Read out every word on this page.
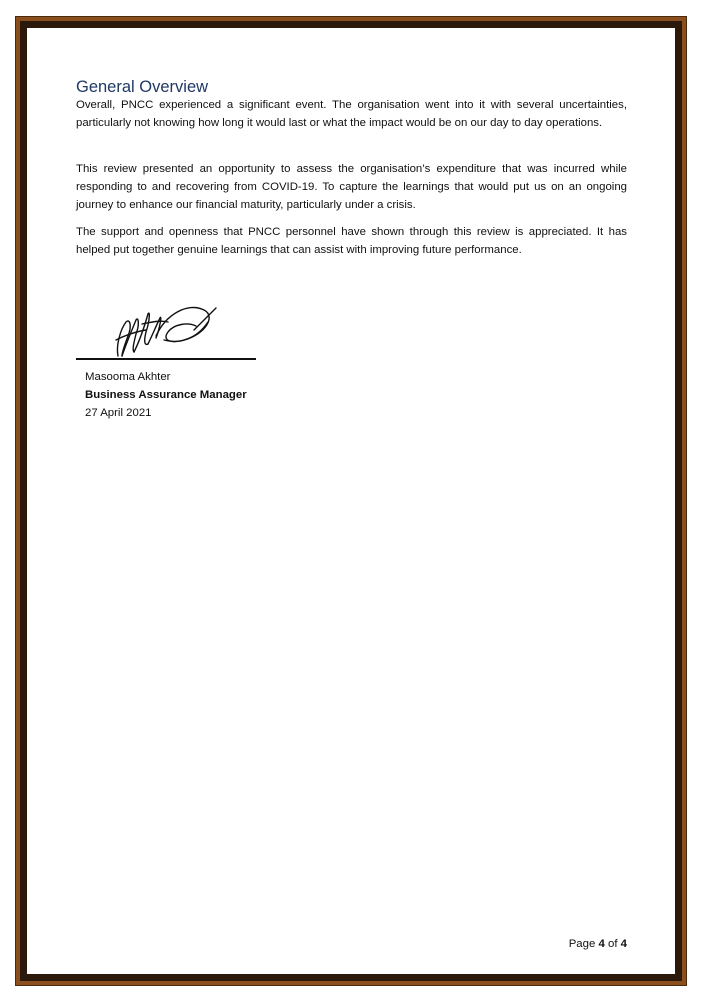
General Overview

Overall, PNCC experienced a significant event. The organisation went into it with several uncertainties, particularly not knowing how long it would last or what the impact would be on our day to day operations.

This review presented an opportunity to assess the organisation’s expenditure that was incurred while responding to and recovering from COVID-19. To capture the learnings that would put us on an ongoing journey to enhance our financial maturity, particularly under a crisis.

The support and openness that PNCC personnel have shown through this review is appreciated. It has helped put together genuine learnings that can assist with improving future performance.

Masooma Akhter
Business Assurance Manager
27 April 2021
Page 4 of 4
